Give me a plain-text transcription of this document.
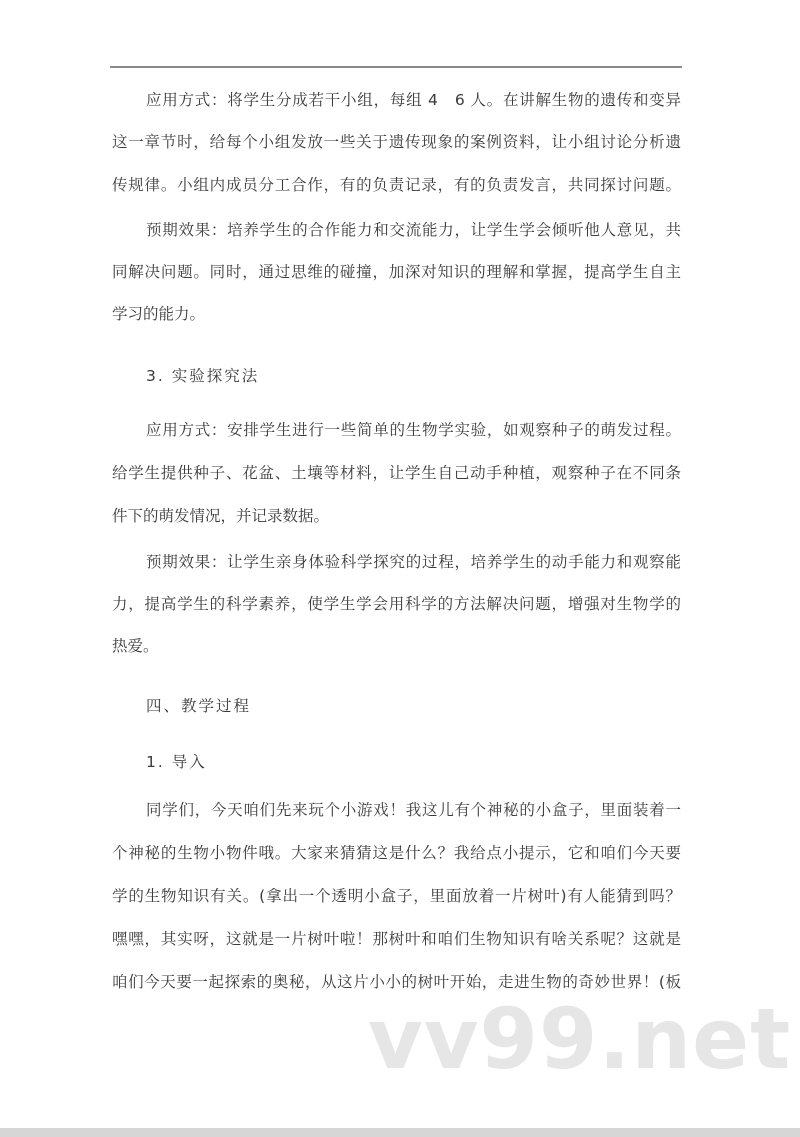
应用方式：将学生分成若干小组，每组 4　6 人。在讲解生物的遗传和变异
这一章节时，给每个小组发放一些关于遗传现象的案例资料，让小组讨论分析遗
传规律。小组内成员分工合作，有的负责记录，有的负责发言，共同探讨问题。
预期效果：培养学生的合作能力和交流能力，让学生学会倾听他人意见，共
同解决问题。同时，通过思维的碰撞，加深对知识的理解和掌握，提高学生自主
学习的能力。
3. 实验探究法
应用方式：安排学生进行一些简单的生物学实验，如观察种子的萌发过程。
给学生提供种子、花盆、土壤等材料，让学生自己动手种植，观察种子在不同条
件下的萌发情况，并记录数据。
预期效果：让学生亲身体验科学探究的过程，培养学生的动手能力和观察能
力，提高学生的科学素养，使学生学会用科学的方法解决问题，增强对生物学的
热爱。
四、教学过程
1. 导入
同学们，今天咱们先来玩个小游戏！我这儿有个神秘的小盒子，里面装着一
个神秘的生物小物件哦。大家来猜猜这是什么？我给点小提示，它和咱们今天要
学的生物知识有关。(拿出一个透明小盒子，里面放着一片树叶)有人能猜到吗？
嘿嘿，其实呀，这就是一片树叶啦！那树叶和咱们生物知识有啥关系呢？这就是
咱们今天要一起探索的奥秘，从这片小小的树叶开始，走进生物的奇妙世界！(板
vv99.net
